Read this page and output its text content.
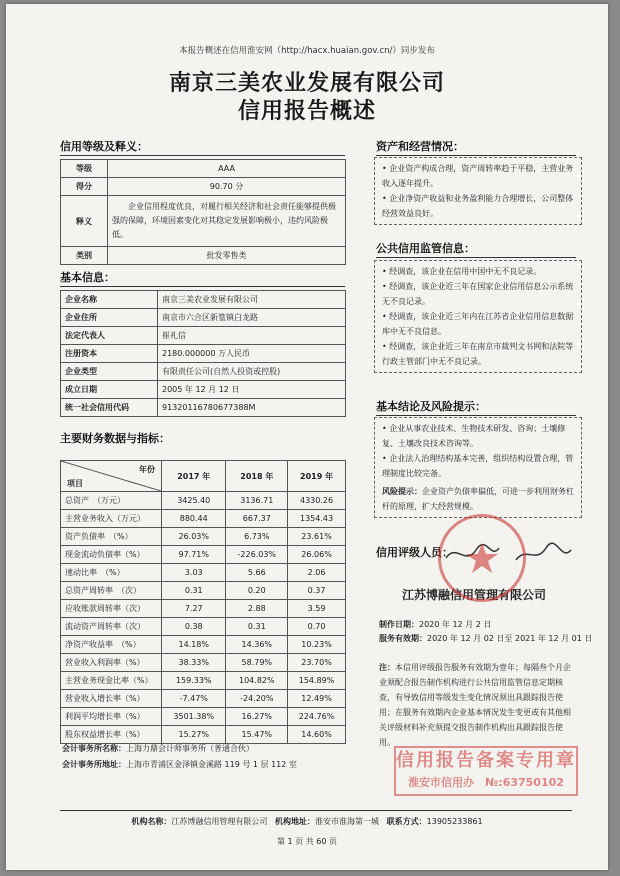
本报告概述在信用淮安网（http://hacx.huaian.gov.cn/）同步发布
南京三美农业发展有限公司
信用报告概述
信用等级及释义：
等级	AAA
得分	90.70 分
释义	企业信用程度优良，对履行相关经济和社会责任能够提供极强的保障，环境因素变化对其稳定发展影响极小，违约风险极低。
类别	批发零售类
基本信息：
企业名称	南京三美农业发展有限公司
企业住所	南京市六合区新篁镇白龙路
法定代表人	崔礼信
注册资本	2180.000000 万人民币
企业类型	有限责任公司(自然人投资或控股)
成立日期	2005 年 12 月 12 日
统一社会信用代码	91320116780677388M
主要财务数据与指标：
年份
项目	2017 年	2018 年	2019 年
总资产　（万元）	3425.40	3136.71	4330.26
主营业务收入（万元）	880.44	667.37	1354.43
资产负债率　（%）	26.03%	6.73%	23.61%
现金流动负债率（%）	97.71%	-226.03%	26.06%
速动比率　（%）	3.03	5.66	2.06
总资产周转率　（次）	0.31	0.20	0.37
应收账款周转率（次）	7.27	2.88	3.59
流动资产周转率（次）	0.38	0.31	0.70
净资产收益率　（%）	14.18%	14.36%	10.23%
营业收入利润率（%）	38.33%	58.79%	23.70%
主营业务现金比率（%）	159.33%	104.82%	154.89%
营业收入增长率（%）	-7.47%	-24.20%	12.49%
利润平均增长率（%）	3501.38%	16.27%	224.76%
股东权益增长率（%）	15.27%	15.47%	14.60%
会计事务所名称：上海力鼎会计师事务所（普通合伙）
会计事务所地址：上海市青浦区金泽镇金溪路 119 号 1 层 112 室
资产和经营情况：

• 企业资产构成合理，资产周转率趋于平稳，主营业务收入逐年提升。

• 企业净资产收益和业务盈利能力合理增长，公司整体经营效益良好。

公共信用监管信息：

• 经调查，该企业在信用中国中无不良记录。

• 经调查，该企业近三年在国家企业信用信息公示系统无不良记录。

• 经调查，该企业近三年内在江苏省企业信用信息数据库中无不良信息。

• 经调查，该企业近三年在南京市裁判文书网和法院等行政主管部门中无不良记录。

基本结论及风险提示：

• 企业从事农业技术、生物技术研发、咨询；土壤修复、土壤改良技术咨询等。

• 企业法人治理结构基本完善，组织结构设置合理，管理制度比较完备。

风险提示：企业资产负债率偏低，可进一步利用财务杠杆的原理，扩大经营规模。

信用评级人员：
江苏博融信用管理有限公司
制作日期：2020 年 12 月 2 日
服务有效期：2020 年 12 月 02 日至 2021 年 12 月 01 日
注：本信用评级报告服务有效期为壹年；每隔叁个月企业须配合报告制作机构进行公共信用监管信息定期核查，有导致信用等级发生变化情况须出具跟踪报告使用；在服务有效期内企业基本情况发生变更或有其他相关评级材料补充须提交报告制作机构出具跟踪报告使用。
信用报告备案专用章
淮安市信用办　№:63750102
机构名称：江苏博融信用管理有限公司 机构地址：淮安市淮海第一城 联系方式：13905233861
第 1 页 共 60 页
